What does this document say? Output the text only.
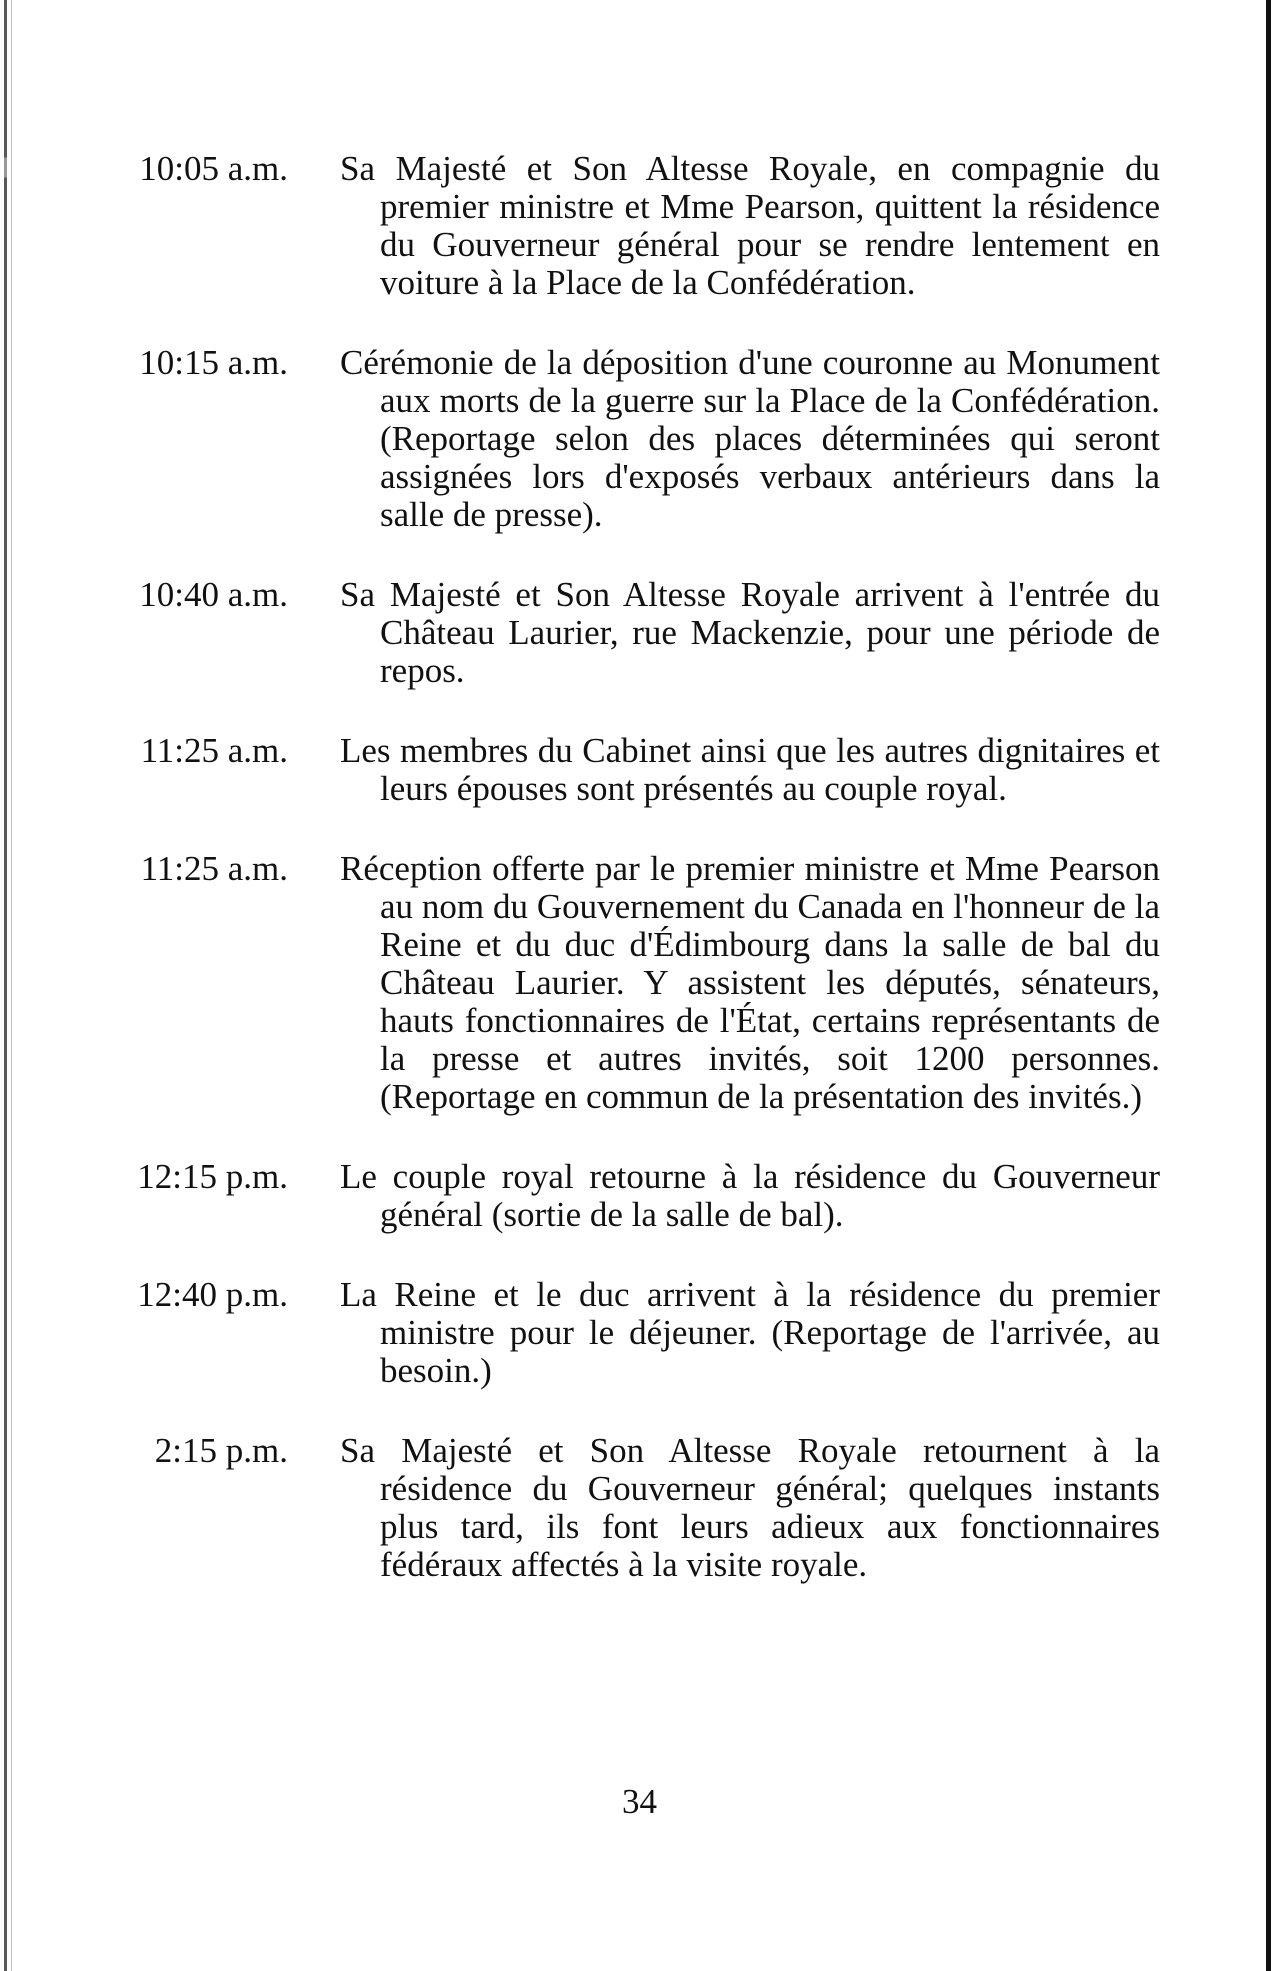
10:05 a.m.	Sa Majesté et Son Altesse Royale, en compagnie du premier ministre et Mme Pearson, quittent la résidence du Gouverneur général pour se rendre lentement en voiture à la Place de la Confédération.
10:15 a.m.	Cérémonie de la déposition d'une couronne au Monument aux morts de la guerre sur la Place de la Confédération. (Reportage selon des places déterminées qui seront assignées lors d'exposés verbaux antérieurs dans la salle de presse).
10:40 a.m.	Sa Majesté et Son Altesse Royale arrivent à l'entrée du Château Laurier, rue Mackenzie, pour une période de repos.
11:25 a.m.	Les membres du Cabinet ainsi que les autres dignitaires et leurs épouses sont présentés au couple royal.
11:25 a.m.	Réception offerte par le premier ministre et Mme Pearson au nom du Gouvernement du Canada en l'honneur de la Reine et du duc d'Édimbourg dans la salle de bal du Château Laurier. Y assistent les députés, sénateurs, hauts fonctionnaires de l'État, certains représentants de la presse et autres invités, soit 1200 personnes. (Reportage en commun de la présentation des invités.)
12:15 p.m.	Le couple royal retourne à la résidence du Gouverneur général (sortie de la salle de bal).
12:40 p.m.	La Reine et le duc arrivent à la résidence du premier ministre pour le déjeuner. (Reportage de l'arrivée, au besoin.)
2:15 p.m.	Sa Majesté et Son Altesse Royale retournent à la résidence du Gouverneur général; quelques instants plus tard, ils font leurs adieux aux fonctionnaires fédéraux affectés à la visite royale.
34
